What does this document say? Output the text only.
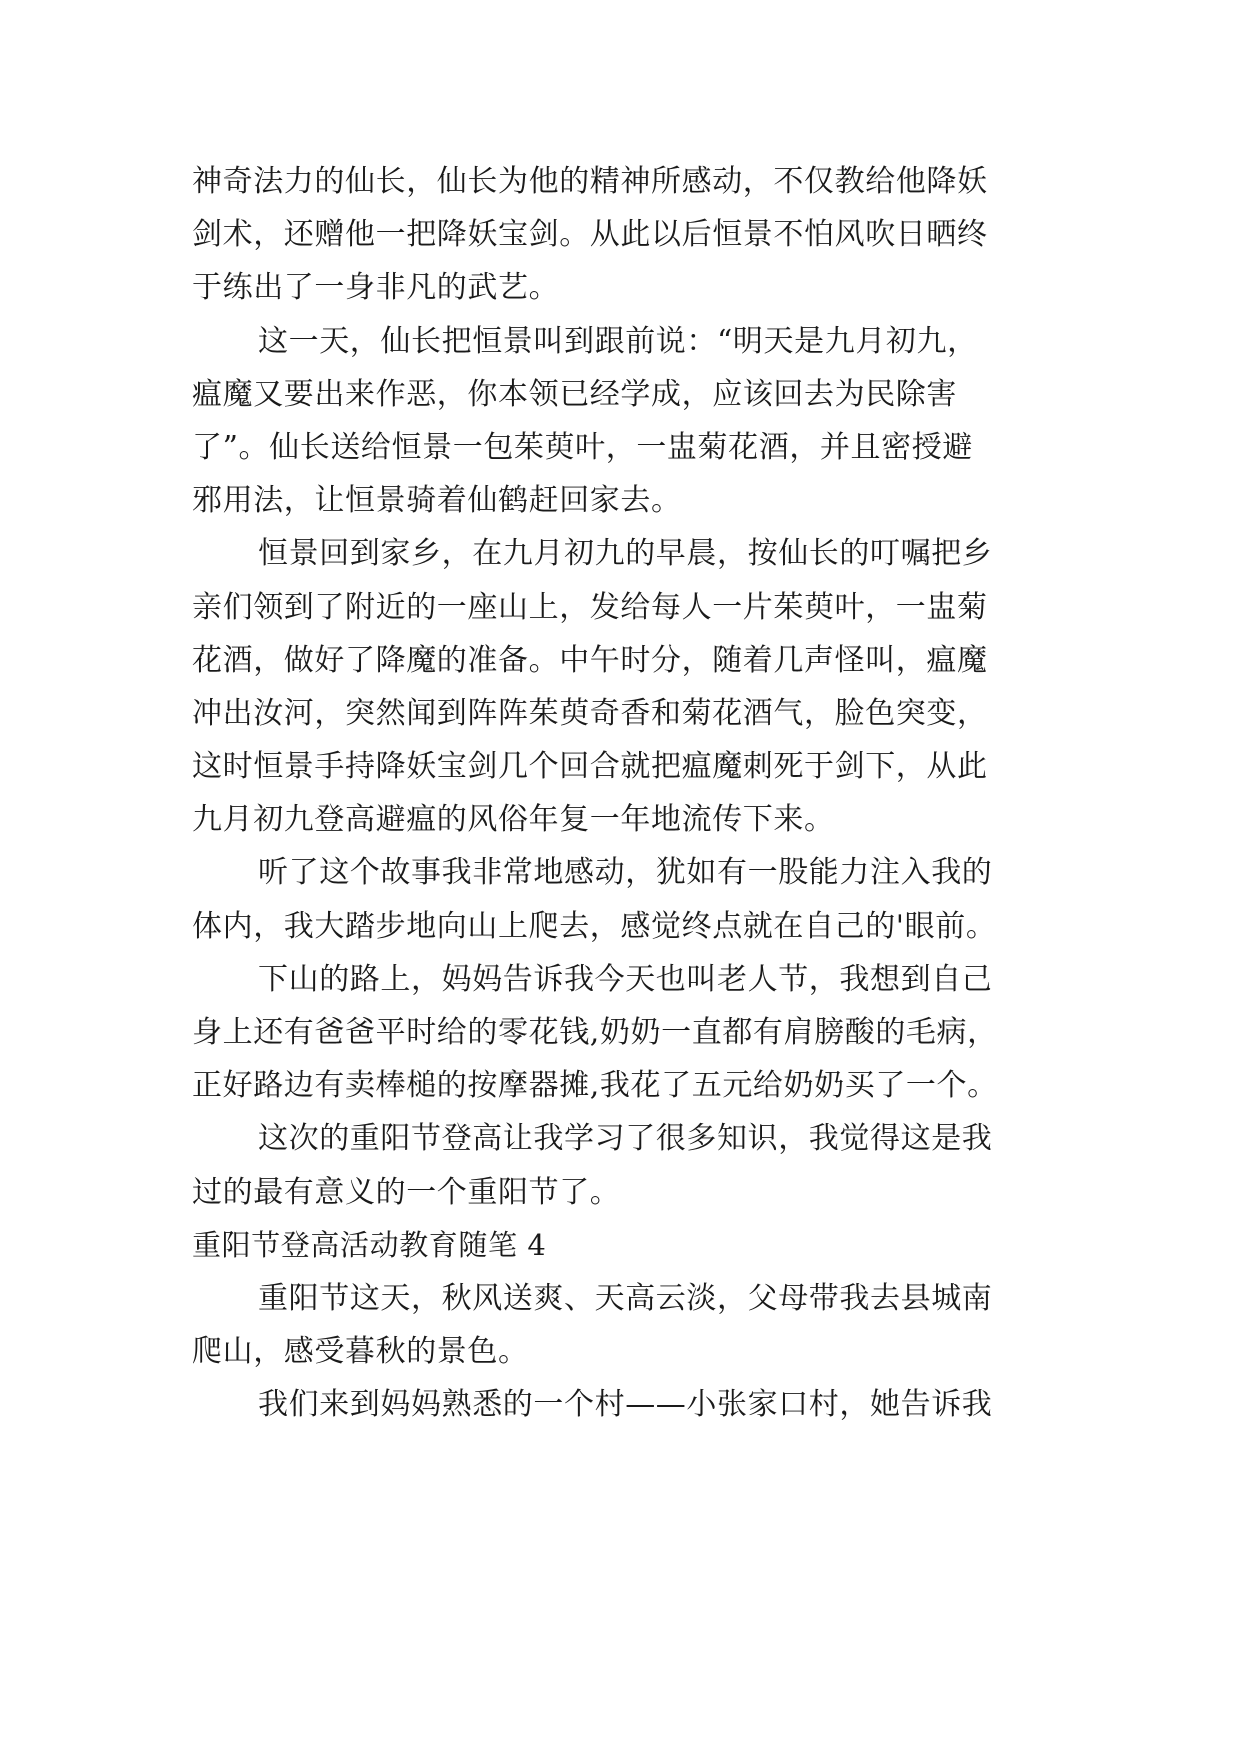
神奇法力的仙长，仙长为他的精神所感动，不仅教给他降妖
剑术，还赠他一把降妖宝剑。从此以后恒景不怕风吹日晒终
于练出了一身非凡的武艺。
这一天，仙长把恒景叫到跟前说：“明天是九月初九，
瘟魔又要出来作恶，你本领已经学成，应该回去为民除害
了”。仙长送给恒景一包茱萸叶，一盅菊花酒，并且密授避
邪用法，让恒景骑着仙鹤赶回家去。
恒景回到家乡，在九月初九的早晨，按仙长的叮嘱把乡
亲们领到了附近的一座山上，发给每人一片茱萸叶，一盅菊
花酒，做好了降魔的准备。中午时分，随着几声怪叫，瘟魔
冲出汝河，突然闻到阵阵茱萸奇香和菊花酒气，脸色突变，
这时恒景手持降妖宝剑几个回合就把瘟魔刺死于剑下，从此
九月初九登高避瘟的风俗年复一年地流传下来。
听了这个故事我非常地感动，犹如有一股能力注入我的
体内，我大踏步地向山上爬去，感觉终点就在自己的'眼前。
下山的路上，妈妈告诉我今天也叫老人节，我想到自己
身上还有爸爸平时给的零花钱,奶奶一直都有肩膀酸的毛病，
正好路边有卖棒槌的按摩器摊,我花了五元给奶奶买了一个。
这次的重阳节登高让我学习了很多知识，我觉得这是我
过的最有意义的一个重阳节了。
重阳节登高活动教育随笔 4
重阳节这天，秋风送爽、天高云淡，父母带我去县城南
爬山，感受暮秋的景色。
我们来到妈妈熟悉的一个村——小张家口村，她告诉我
